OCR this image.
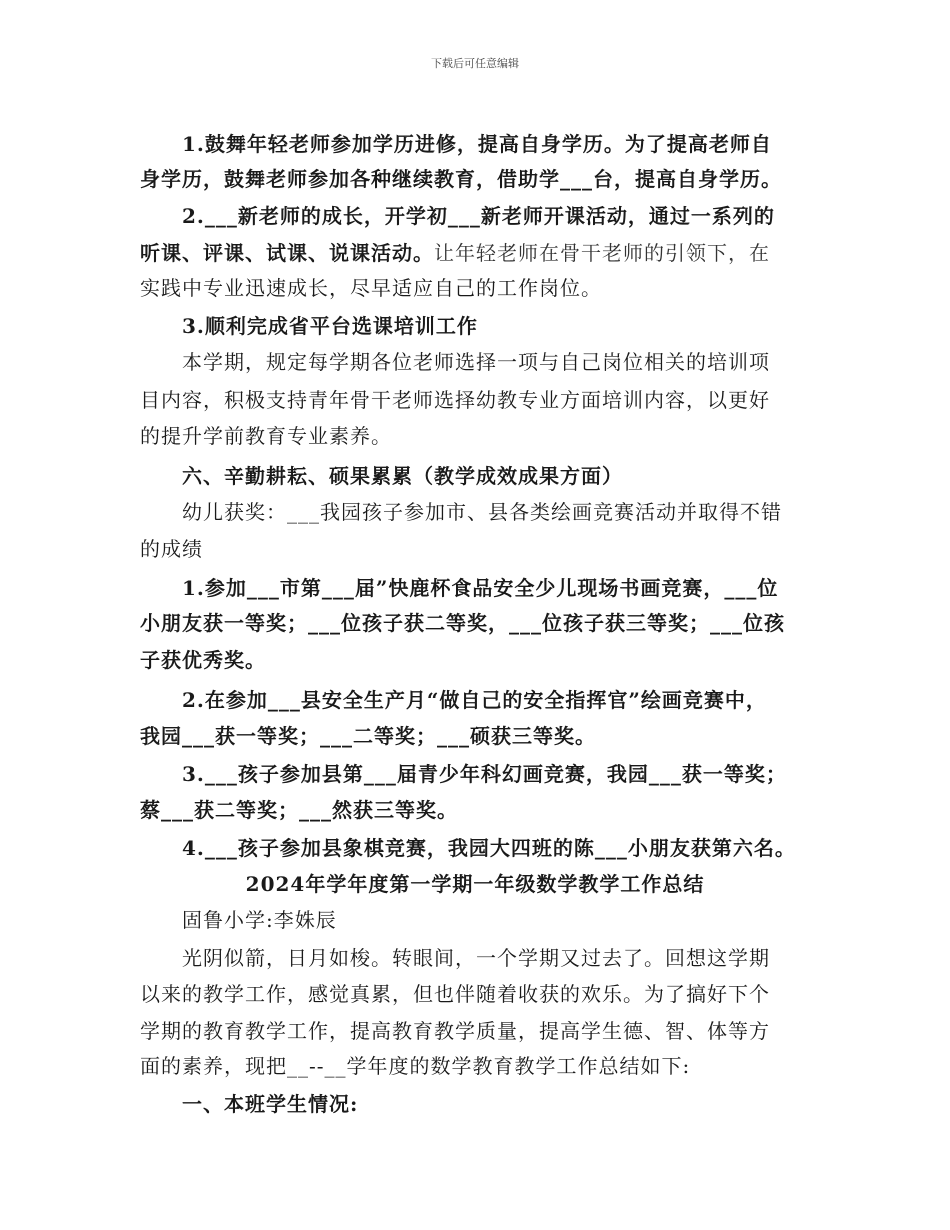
下载后可任意编辑
　　1.鼓舞年轻老师参加学历进修，提高自身学历。为了提高老师自
身学历，鼓舞老师参加各种继续教育，借助学___台，提高自身学历。
　　2.___新老师的成长，开学初___新老师开课活动，通过一系列的
听课、评课、试课、说课活动。让年轻老师在骨干老师的引领下，在
实践中专业迅速成长，尽早适应自己的工作岗位。
　　3.顺利完成省平台选课培训工作
　　本学期，规定每学期各位老师选择一项与自己岗位相关的培训项
目内容，积极支持青年骨干老师选择幼教专业方面培训内容，以更好
的提升学前教育专业素养。
　　六、辛勤耕耘、硕果累累（教学成效成果方面）
　　幼儿获奖：___我园孩子参加市、县各类绘画竞赛活动并取得不错
的成绩
　　1.参加___市第___届”快鹿杯食品安全少儿现场书画竞赛，___位
小朋友获一等奖；___位孩子获二等奖，___位孩子获三等奖；___位孩
子获优秀奖。
　　2.在参加___县安全生产月“做自己的安全指挥官”绘画竞赛中，
我园___获一等奖；___二等奖；___硕获三等奖。
　　3.___孩子参加县第___届青少年科幻画竞赛，我园___获一等奖；
蔡___获二等奖；___然获三等奖。
　　4.___孩子参加县象棋竞赛，我园大四班的陈___小朋友获第六名。
2024年学年度第一学期一年级数学教学工作总结
　　固鲁小学:李姝辰
　　光阴似箭，日月如梭。转眼间，一个学期又过去了。回想这学期
以来的教学工作，感觉真累，但也伴随着收获的欢乐。为了搞好下个
学期的教育教学工作，提高教育教学质量，提高学生德、智、体等方
面的素养，现把__--__学年度的数学教育教学工作总结如下:
　　一、本班学生情况:
